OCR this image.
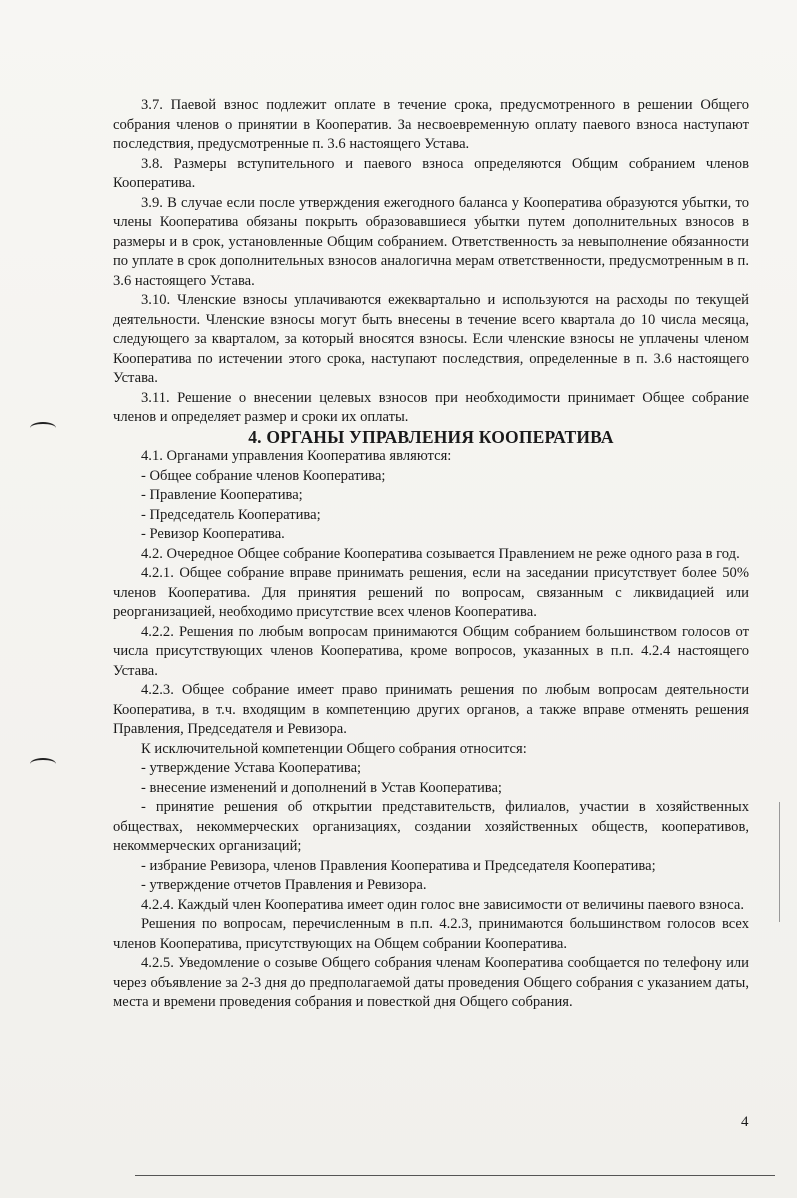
3.7. Паевой взнос подлежит оплате в течение срока, предусмотренного в решении Общего собрания членов о принятии в Кооператив. За несвоевременную оплату паевого взноса наступают последствия, предусмотренные п. 3.6 настоящего Устава.

3.8. Размеры вступительного и паевого взноса определяются Общим собранием членов Кооператива.

3.9. В случае если после утверждения ежегодного баланса у Кооператива образуются убытки, то члены Кооператива обязаны покрыть образовавшиеся убытки путем дополнительных взносов в размеры и в срок, установленные Общим собранием. Ответственность за невыполнение обязанности по уплате в срок дополнительных взносов аналогична мерам ответственности, предусмотренным в п. 3.6 настоящего Устава.

3.10. Членские взносы уплачиваются ежеквартально и используются на расходы по текущей деятельности. Членские взносы могут быть внесены в течение всего квартала до 10 числа месяца, следующего за кварталом, за который вносятся взносы. Если членские взносы не уплачены членом Кооператива по истечении этого срока, наступают последствия, определенные в п. 3.6 настоящего Устава.

3.11. Решение о внесении целевых взносов при необходимости принимает Общее собрание членов и определяет размер и сроки их оплаты.

4. ОРГАНЫ УПРАВЛЕНИЯ КООПЕРАТИВА

4.1. Органами управления Кооператива являются:

- Общее собрание членов Кооператива;

- Правление Кооператива;

- Председатель Кооператива;

- Ревизор Кооператива.

4.2. Очередное Общее собрание Кооператива созывается Правлением не реже одного раза в год.

4.2.1. Общее собрание вправе принимать решения, если на заседании присутствует более 50% членов Кооператива. Для принятия решений по вопросам, связанным с ликвидацией или реорганизацией, необходимо присутствие всех членов Кооператива.

4.2.2. Решения по любым вопросам принимаются Общим собранием большинством голосов от числа присутствующих членов Кооператива, кроме вопросов, указанных в п.п. 4.2.4 настоящего Устава.

4.2.3. Общее собрание имеет право принимать решения по любым вопросам деятельности Кооператива, в т.ч. входящим в компетенцию других органов, а также вправе отменять решения Правления, Председателя и Ревизора.

К исключительной компетенции Общего собрания относится:

- утверждение Устава Кооператива;

- внесение изменений и дополнений в Устав Кооператива;

- принятие решения об открытии представительств, филиалов, участии в хозяйственных обществах, некоммерческих организациях, создании хозяйственных обществ, кооперативов, некоммерческих организаций;

- избрание Ревизора, членов Правления Кооператива и Председателя Кооператива;

- утверждение отчетов Правления и Ревизора.

4.2.4. Каждый член Кооператива имеет один голос вне зависимости от величины паевого взноса.

Решения по вопросам, перечисленным в п.п. 4.2.3, принимаются большинством голосов всех членов Кооператива, присутствующих на Общем собрании Кооператива.

4.2.5. Уведомление о созыве Общего собрания членам Кооператива сообщается по телефону или через объявление за 2-3 дня до предполагаемой даты проведения Общего собрания с указанием даты, места и времени проведения собрания и повесткой дня Общего собрания.

4
